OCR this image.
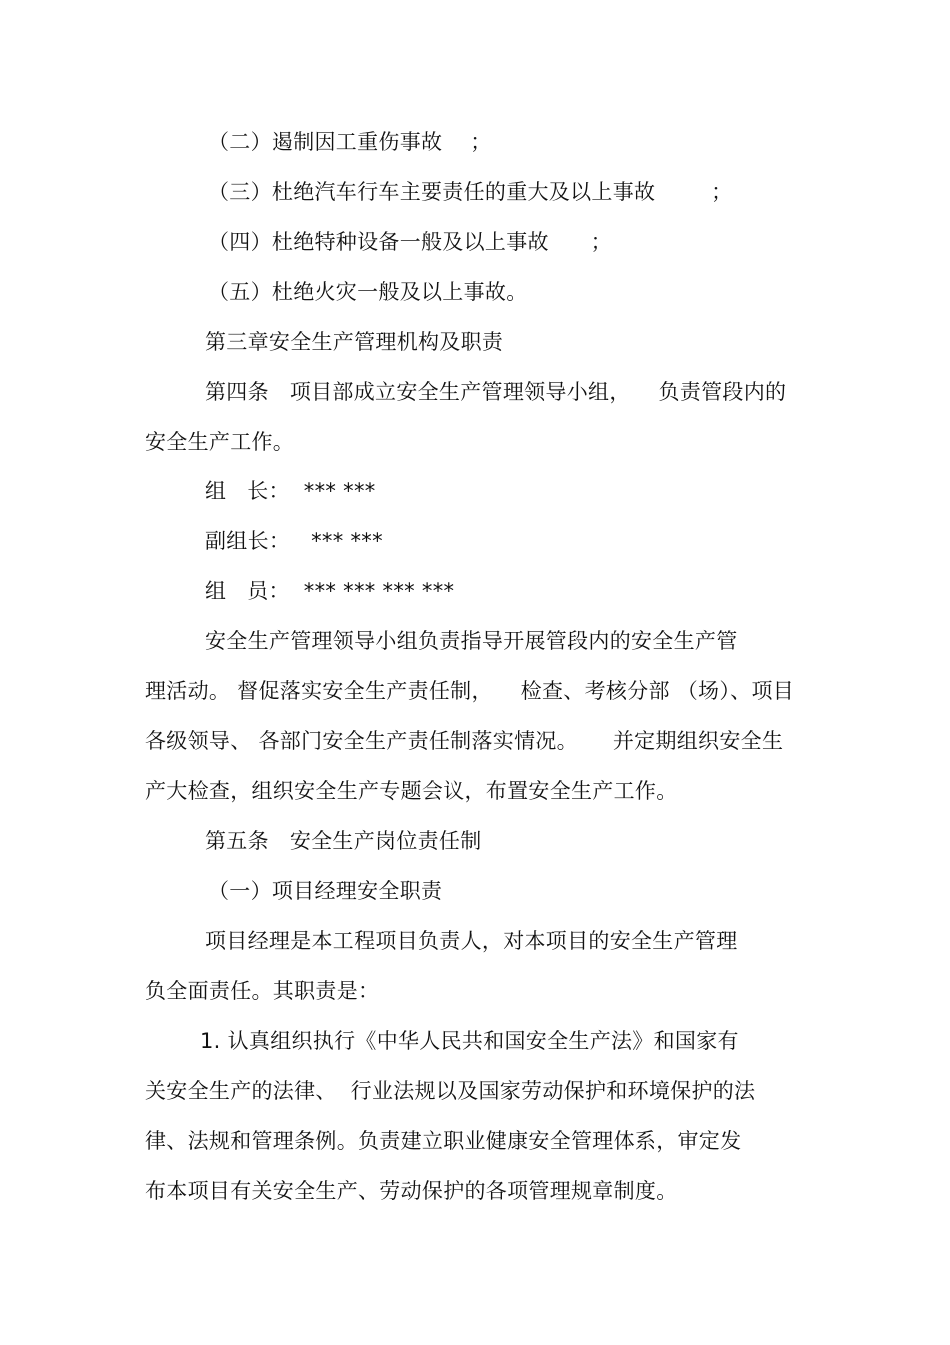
（二）遏制因工重伤事故    ；
（三）杜绝汽车行车主要责任的重大及以上事故        ；
（四）杜绝特种设备一般及以上事故      ；
（五）杜绝火灾一般及以上事故。
第三章安全生产管理机构及职责
第四条   项目部成立安全生产管理领导小组，    负责管段内的
安全生产工作。
组   长：  *** ***
副组长：   *** ***
组   员：  *** *** *** ***
安全生产管理领导小组负责指导开展管段内的安全生产管
理活动。 督促落实安全生产责任制，    检查、考核分部 （场）、项目
各级领导、 各部门安全生产责任制落实情况。     并定期组织安全生
产大检查，组织安全生产专题会议，布置安全生产工作。
第五条   安全生产岗位责任制
（一）项目经理安全职责
项目经理是本工程项目负责人，对本项目的安全生产管理
负全面责任。其职责是：
1. 认真组织执行《中华人民共和国安全生产法》和国家有
关安全生产的法律、  行业法规以及国家劳动保护和环境保护的法
律、法规和管理条例。负责建立职业健康安全管理体系，审定发
布本项目有关安全生产、劳动保护的各项管理规章制度。
